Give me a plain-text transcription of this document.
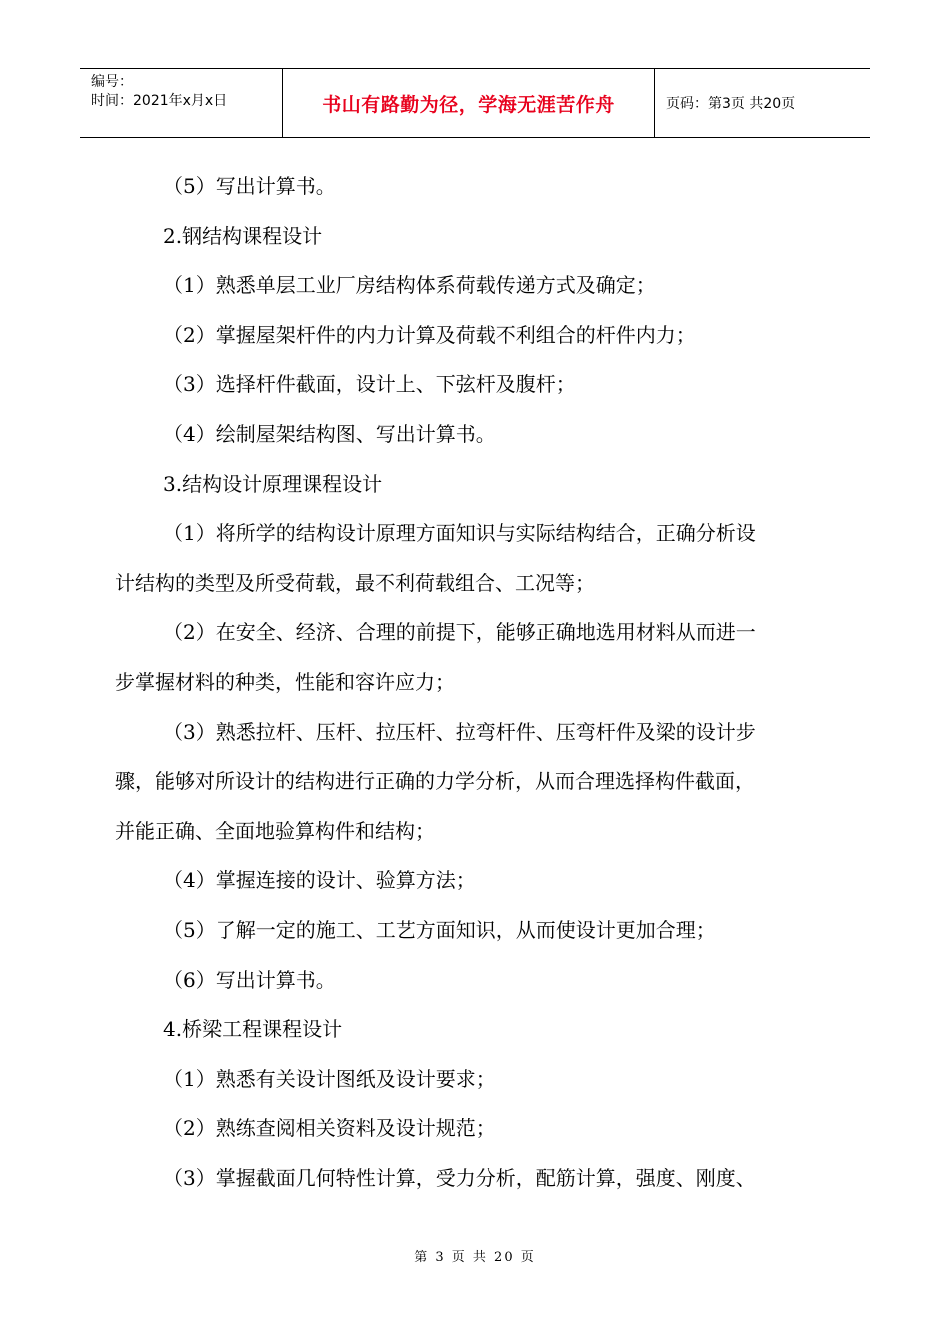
编号：
时间：2021年x月x日	书山有路勤为径，学海无涯苦作舟	页码：第3页 共20页

（5）写出计算书。

2.钢结构课程设计

（1）熟悉单层工业厂房结构体系荷载传递方式及确定；

（2）掌握屋架杆件的内力计算及荷载不利组合的杆件内力；

（3）选择杆件截面，设计上、下弦杆及腹杆；

（4）绘制屋架结构图、写出计算书。

3.结构设计原理课程设计

（1）将所学的结构设计原理方面知识与实际结构结合，正确分析设

计结构的类型及所受荷载，最不利荷载组合、工况等；

（2）在安全、经济、合理的前提下，能够正确地选用材料从而进一

步掌握材料的种类，性能和容许应力；

（3）熟悉拉杆、压杆、拉压杆、拉弯杆件、压弯杆件及梁的设计步

骤，能够对所设计的结构进行正确的力学分析，从而合理选择构件截面，

并能正确、全面地验算构件和结构；

（4）掌握连接的设计、验算方法；

（5）了解一定的施工、工艺方面知识，从而使设计更加合理；

（6）写出计算书。

4.桥梁工程课程设计

（1）熟悉有关设计图纸及设计要求；

（2）熟练查阅相关资料及设计规范；

（3）掌握截面几何特性计算，受力分析，配筋计算，强度、刚度、

第 3 页 共 20 页
